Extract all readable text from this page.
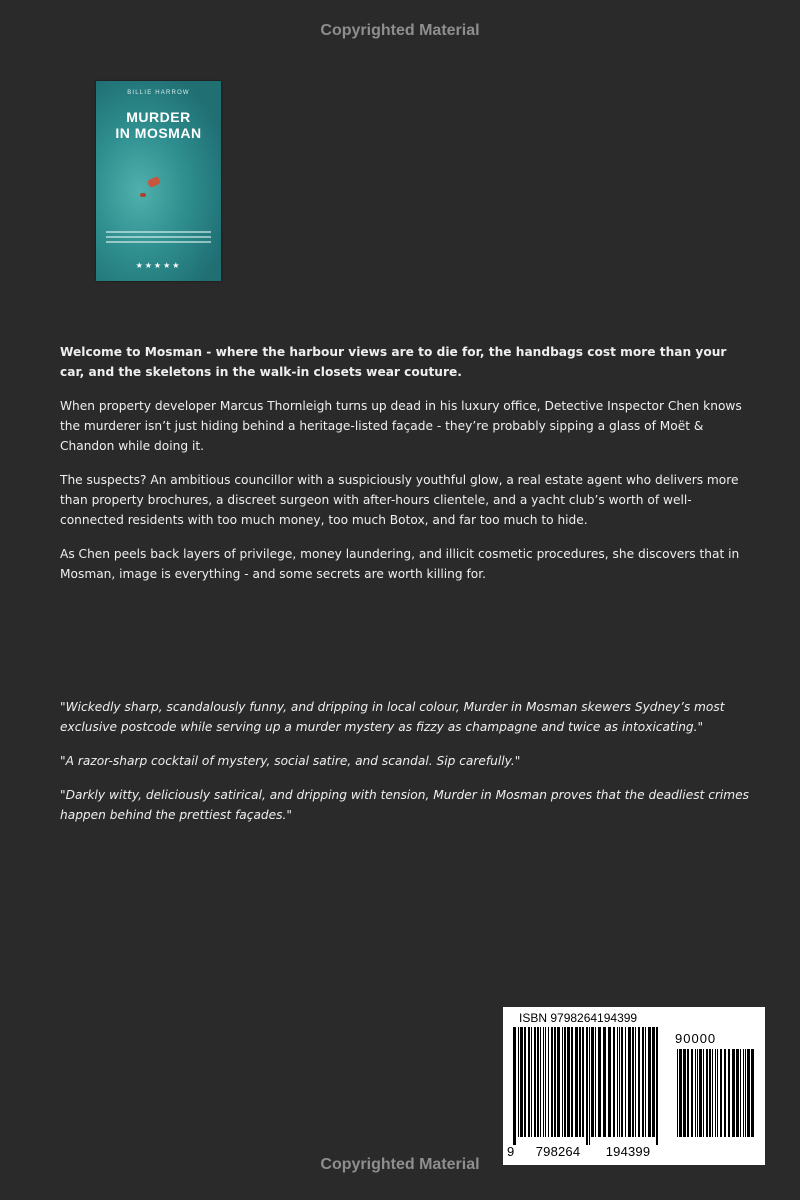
Copyrighted Material
BILLIE HARROW
MURDER
IN MOSMAN
★★★★★

Welcome to Mosman - where the harbour views are to die for, the handbags cost more than your car, and the skeletons in the walk-in closets wear couture.

When property developer Marcus Thornleigh turns up dead in his luxury office, Detective Inspector Chen knows the murderer isn’t just hiding behind a heritage-listed façade - they’re probably sipping a glass of Moët & Chandon while doing it.

The suspects? An ambitious councillor with a suspiciously youthful glow, a real estate agent who delivers more than property brochures, a discreet surgeon with after-hours clientele, and a yacht club’s worth of well-connected residents with too much money, too much Botox, and far too much to hide.

As Chen peels back layers of privilege, money laundering, and illicit cosmetic procedures, she discovers that in Mosman, image is everything - and some secrets are worth killing for.

"Wickedly sharp, scandalously funny, and dripping in local colour, Murder in Mosman skewers Sydney’s most exclusive postcode while serving up a murder mystery as fizzy as champagne and twice as intoxicating."

"A razor-sharp cocktail of mystery, social satire, and scandal. Sip carefully."

"Darkly witty, deliciously satirical, and dripping with tension, Murder in Mosman proves that the deadliest crimes happen behind the prettiest façades."

ISBN 9798264194399
90000
9 798264 194399
Copyrighted Material
